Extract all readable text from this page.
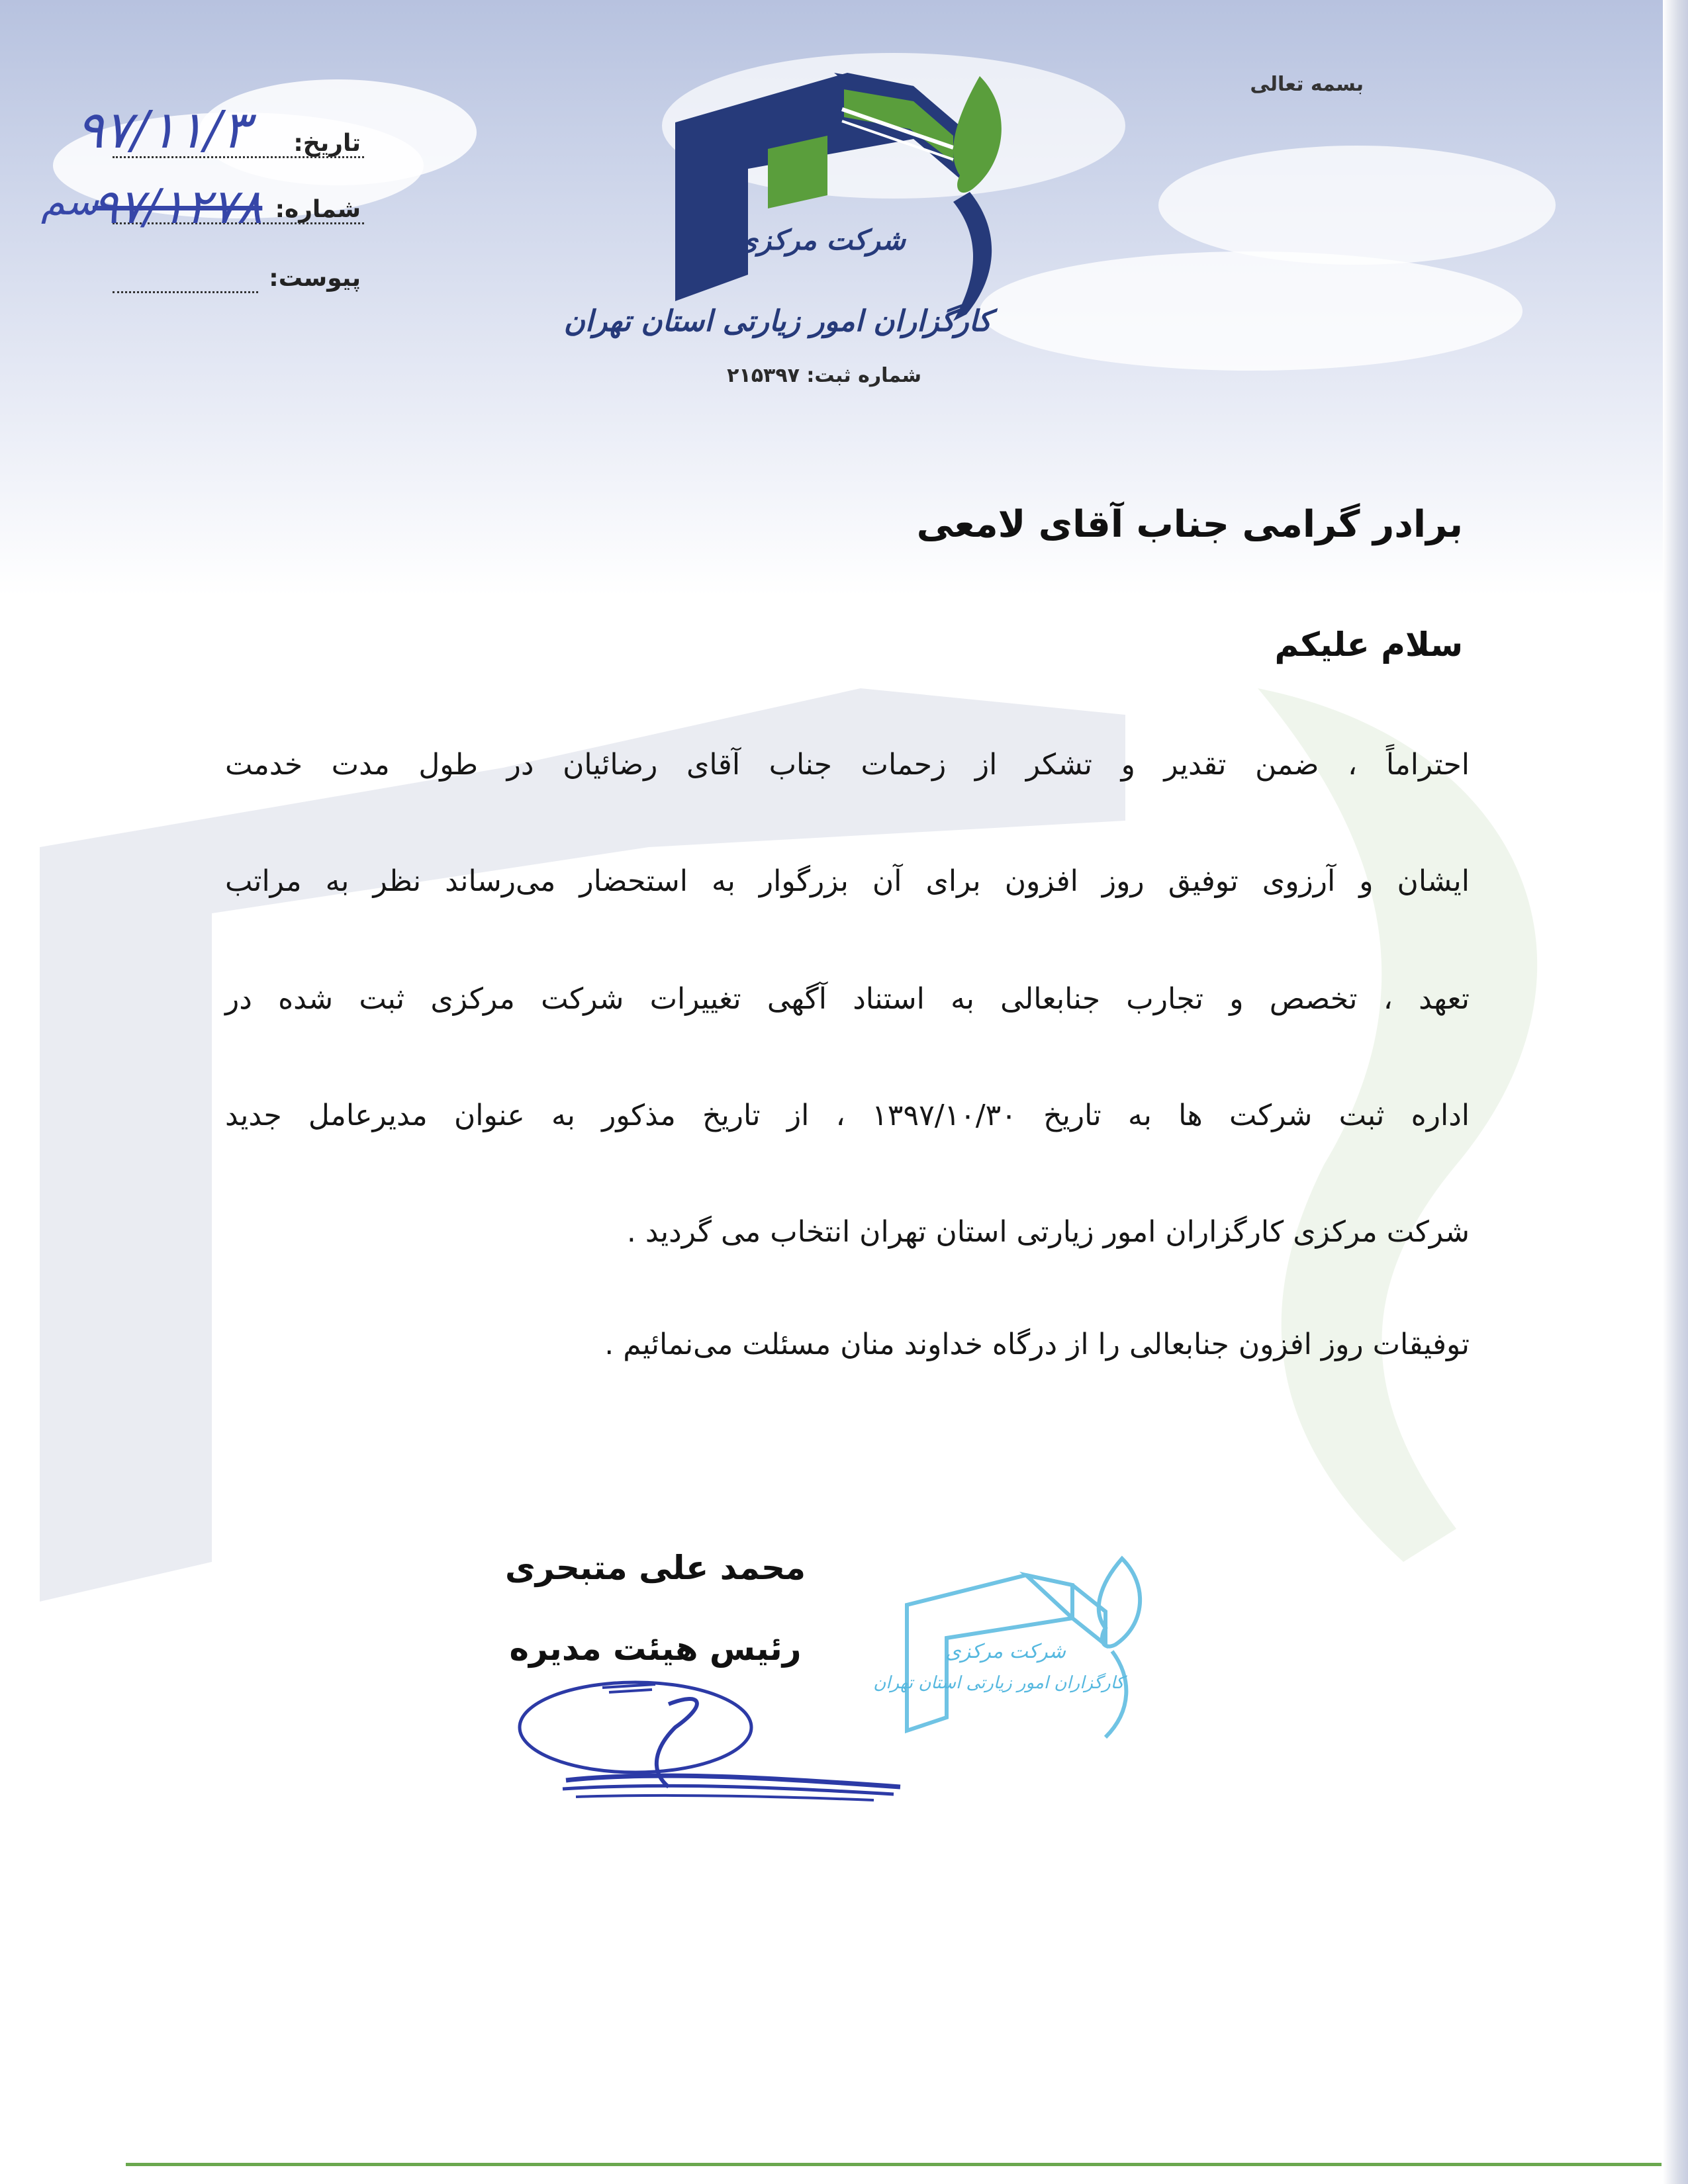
بسمه تعالی
تاریخ:
۹۷/۱۱/۳
شماره:
۹۷/۱۲۷۸
سم
پیوست:
شرکت مرکزی
کارگزاران امور زیارتی استان تهران
شماره ثبت: ۲۱۵۳۹۷
برادر گرامی جناب آقای لامعی
سلام علیکم
احتراماً ، ضمن تقدیر و تشکر از زحمات جناب آقای رضائیان در طول مدت خدمت
ایشان و آرزوی توفیق روز افزون برای آن بزرگوار به استحضار می‌رساند نظر به مراتب
تعهد ، تخصص و تجارب جنابعالی به استناد آگهی تغییرات شرکت مرکزی ثبت شده در
اداره ثبت شرکت ها به تاریخ ۱۳۹۷/۱۰/۳۰ ، از تاریخ مذکور به عنوان مدیرعامل جدید
شرکت مرکزی کارگزاران امور زیارتی استان تهران انتخاب می گردید .
توفیقات روز افزون جنابعالی را از درگاه خداوند منان مسئلت می‌نمائیم .
محمد علی متبحری
رئیس هیئت مدیره	شرکت مرکزی
کارگزاران امور زیارتی استان تهران
